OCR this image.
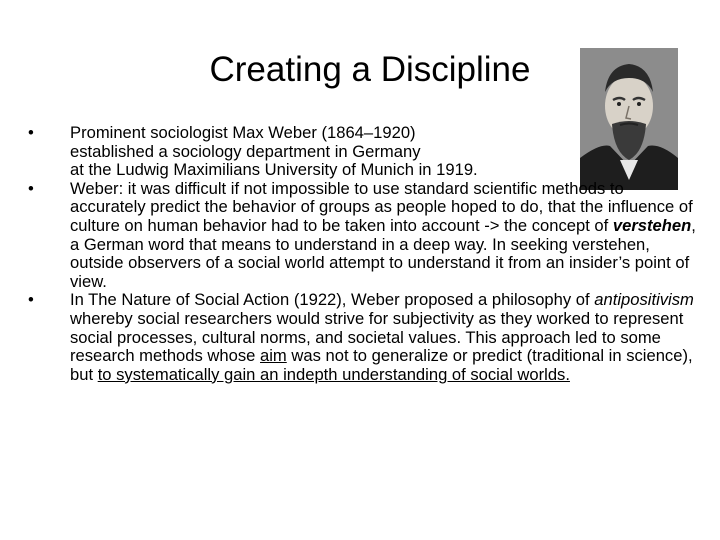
Creating a Discipline
•	Prominent sociologist Max Weber (1864–1920)
established a sociology department in Germany
at the Ludwig Maximilians University of Munich in 1919.
•	Weber: it was difficult if not impossible to use standard scientific methods to accurately predict the behavior of groups as people hoped to do, that the influence of culture on human behavior had to be taken into account -> the concept of verstehen, a German word that means to understand in a deep way. In seeking verstehen, outside observers of a social world attempt to understand it from an insider’s point of view.
•	In The Nature of Social Action (1922), Weber proposed a philosophy of antipositivism whereby social researchers would strive for subjectivity as they worked to represent social processes, cultural norms, and societal values. This approach led to some research methods whose aim was not to generalize or predict (traditional in science), but to systematically gain an indepth understanding of social worlds.
